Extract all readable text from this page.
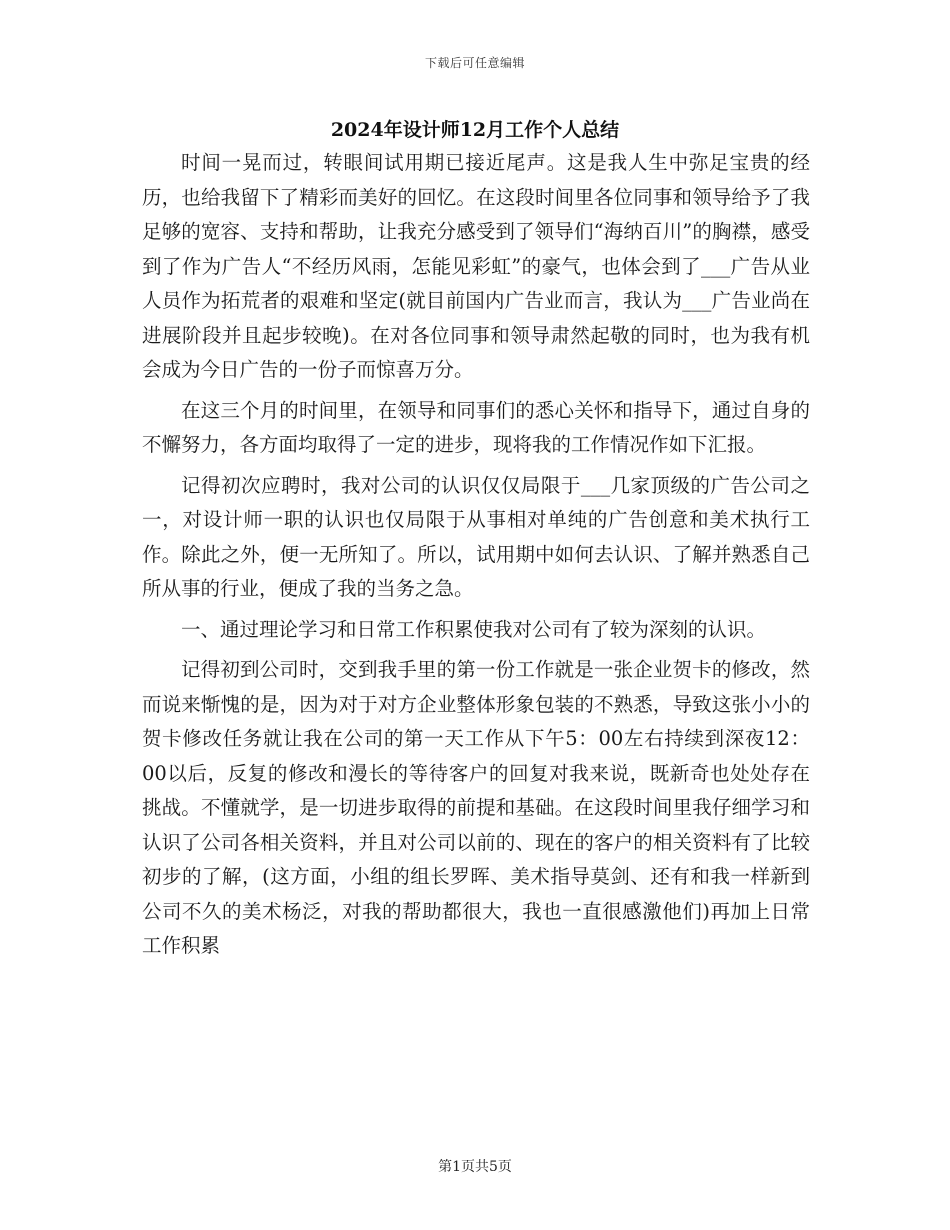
下载后可任意编辑
2024年设计师12月工作个人总结

时间一晃而过，转眼间试用期已接近尾声。这是我人生中弥足宝贵的经历，也给我留下了精彩而美好的回忆。在这段时间里各位同事和领导给予了我足够的宽容、支持和帮助，让我充分感受到了领导们“海纳百川”的胸襟，感受到了作为广告人“不经历风雨，怎能见彩虹”的豪气，也体会到了___广告从业人员作为拓荒者的艰难和坚定(就目前国内广告业而言，我认为___广告业尚在进展阶段并且起步较晚)。在对各位同事和领导肃然起敬的同时，也为我有机会成为今日广告的一份子而惊喜万分。

在这三个月的时间里，在领导和同事们的悉心关怀和指导下，通过自身的不懈努力，各方面均取得了一定的进步，现将我的工作情况作如下汇报。

记得初次应聘时，我对公司的认识仅仅局限于___几家顶级的广告公司之一，对设计师一职的认识也仅局限于从事相对单纯的广告创意和美术执行工作。除此之外，便一无所知了。所以，试用期中如何去认识、了解并熟悉自己所从事的行业，便成了我的当务之急。

一、通过理论学习和日常工作积累使我对公司有了较为深刻的认识。

记得初到公司时，交到我手里的第一份工作就是一张企业贺卡的修改，然而说来惭愧的是，因为对于对方企业整体形象包装的不熟悉，导致这张小小的贺卡修改任务就让我在公司的第一天工作从下午5：00左右持续到深夜12：00以后，反复的修改和漫长的等待客户的回复对我来说，既新奇也处处存在挑战。不懂就学，是一切进步取得的前提和基础。在这段时间里我仔细学习和认识了公司各相关资料，并且对公司以前的、现在的客户的相关资料有了比较初步的了解，(这方面，小组的组长罗晖、美术指导莫剑、还有和我一样新到公司不久的美术杨泛，对我的帮助都很大，我也一直很感激他们)再加上日常工作积累

第1页共5页
